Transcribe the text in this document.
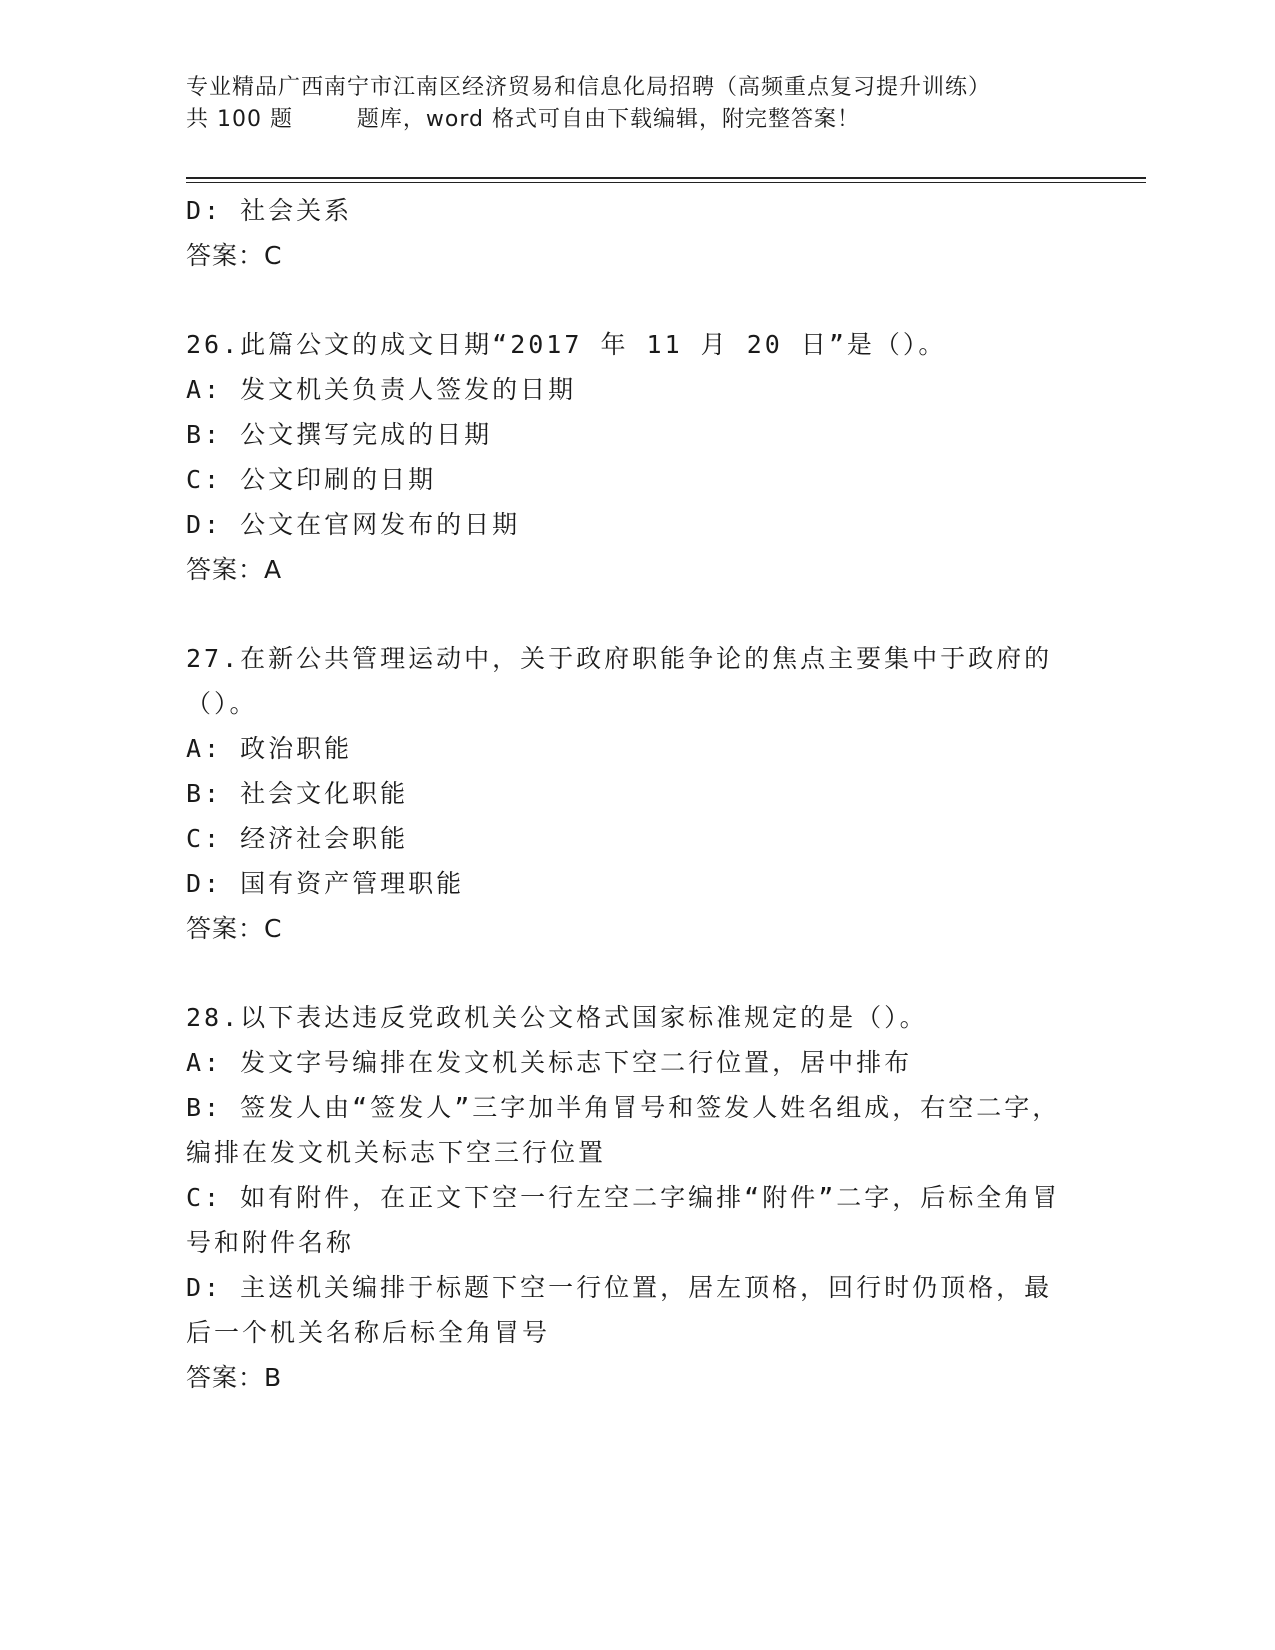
专业精品广西南宁市江南区经济贸易和信息化局招聘（高频重点复习提升训练）
共 100 题        题库，word 格式可自由下载编辑，附完整答案！
D: 社会关系
答案：C
26.此篇公文的成文日期“2017 年 11 月 20 日”是（）。
A: 发文机关负责人签发的日期
B: 公文撰写完成的日期
C: 公文印刷的日期
D: 公文在官网发布的日期
答案：A
27.在新公共管理运动中，关于政府职能争论的焦点主要集中于政府的（）。
A: 政治职能
B: 社会文化职能
C: 经济社会职能
D: 国有资产管理职能
答案：C
28.以下表达违反党政机关公文格式国家标准规定的是（）。
A: 发文字号编排在发文机关标志下空二行位置，居中排布
B: 签发人由“签发人”三字加半角冒号和签发人姓名组成，右空二字，编排在发文机关标志下空三行位置
C: 如有附件，在正文下空一行左空二字编排“附件”二字，后标全角冒号和附件名称
D: 主送机关编排于标题下空一行位置，居左顶格，回行时仍顶格，最后一个机关名称后标全角冒号
答案：B
